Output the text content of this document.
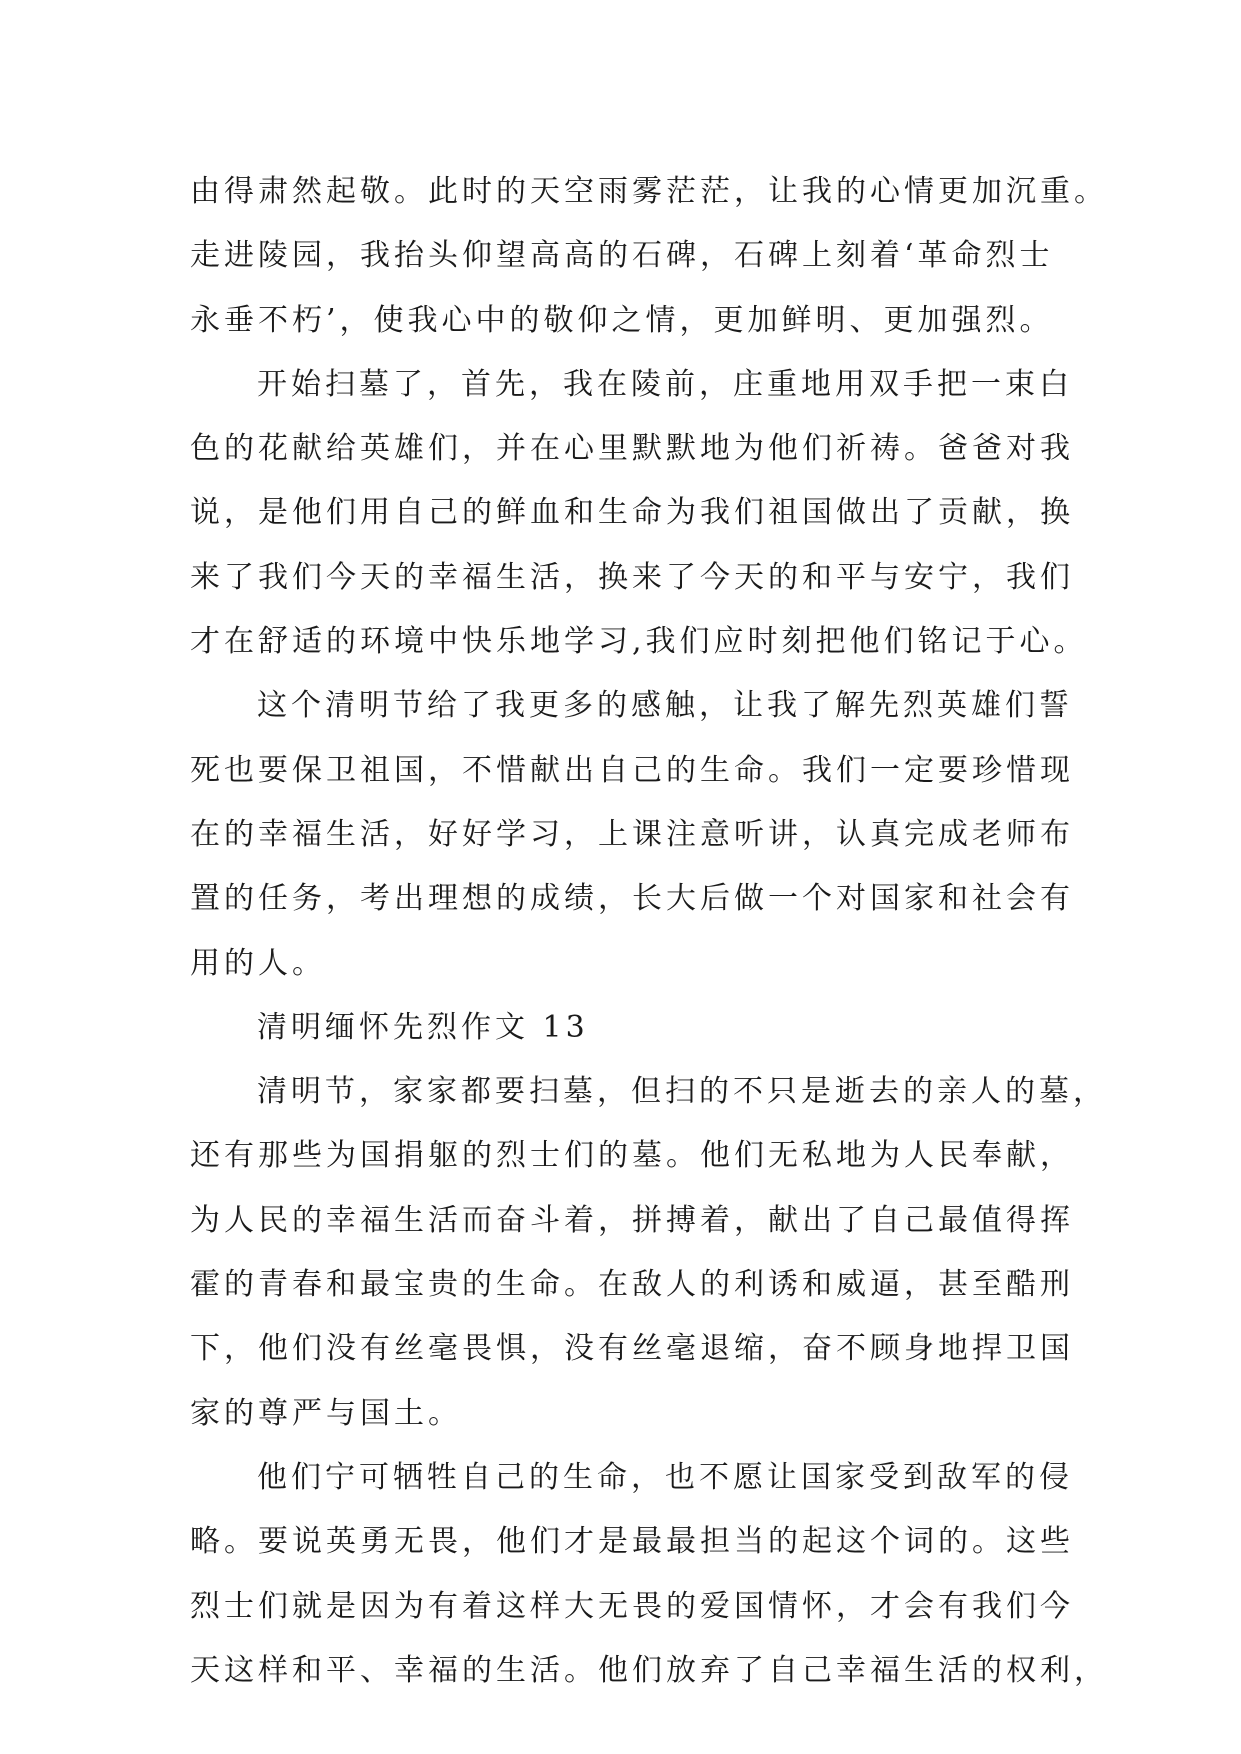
由得肃然起敬。此时的天空雨雾茫茫，让我的心情更加沉重。
走进陵园，我抬头仰望高高的石碑，石碑上刻着‘革命烈士
永垂不朽’，使我心中的敬仰之情，更加鲜明、更加强烈。
开始扫墓了，首先，我在陵前，庄重地用双手把一束白
色的花献给英雄们，并在心里默默地为他们祈祷。爸爸对我
说，是他们用自己的鲜血和生命为我们祖国做出了贡献，换
来了我们今天的幸福生活，换来了今天的和平与安宁，我们
才在舒适的环境中快乐地学习,我们应时刻把他们铭记于心。
这个清明节给了我更多的感触，让我了解先烈英雄们誓
死也要保卫祖国，不惜献出自己的生命。我们一定要珍惜现
在的幸福生活，好好学习，上课注意听讲，认真完成老师布
置的任务，考出理想的成绩，长大后做一个对国家和社会有
用的人。
清明缅怀先烈作文 13
清明节，家家都要扫墓，但扫的不只是逝去的亲人的墓，
还有那些为国捐躯的烈士们的墓。他们无私地为人民奉献，
为人民的幸福生活而奋斗着，拼搏着，献出了自己最值得挥
霍的青春和最宝贵的生命。在敌人的利诱和威逼，甚至酷刑
下，他们没有丝毫畏惧，没有丝毫退缩，奋不顾身地捍卫国
家的尊严与国土。
他们宁可牺牲自己的生命，也不愿让国家受到敌军的侵
略。要说英勇无畏，他们才是最最担当的起这个词的。这些
烈士们就是因为有着这样大无畏的爱国情怀，才会有我们今
天这样和平、幸福的生活。他们放弃了自己幸福生活的权利，
